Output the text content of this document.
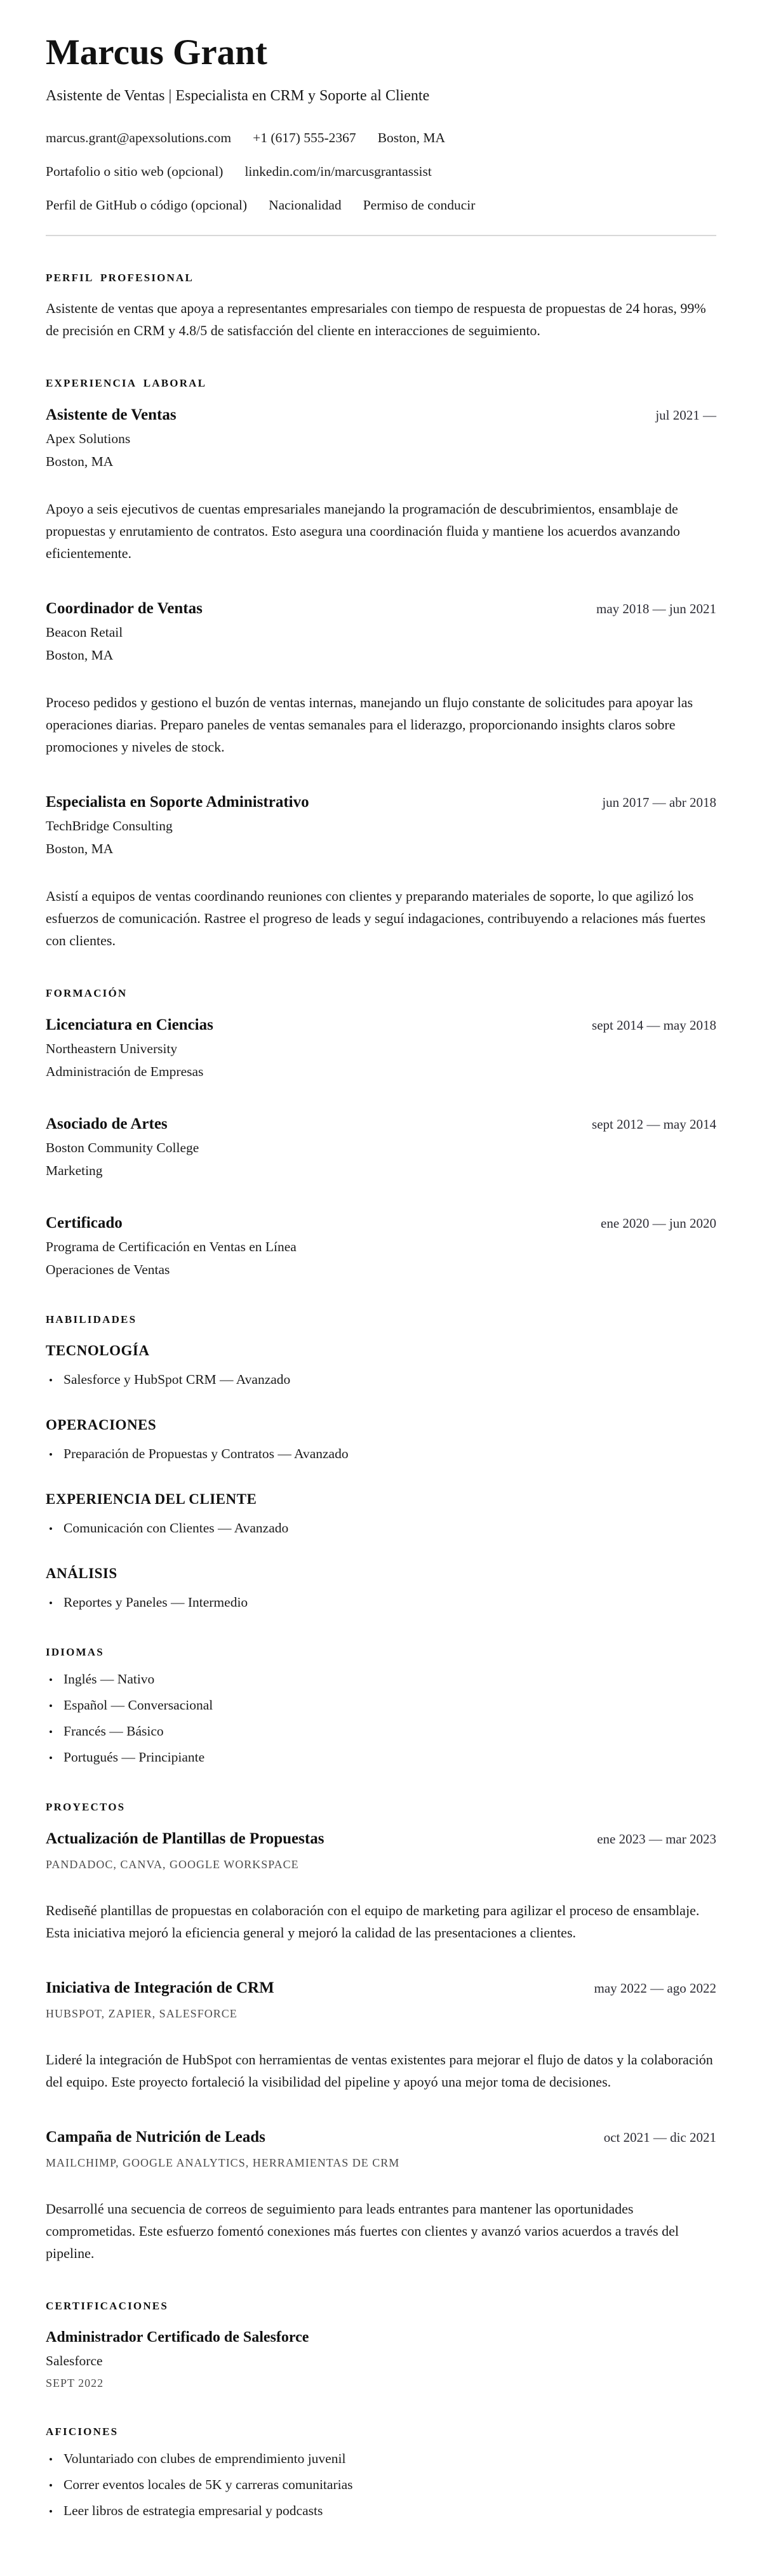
Marcus Grant
Asistente de Ventas | Especialista en CRM y Soporte al Cliente
marcus.grant@apexsolutions.com +1 (617) 555-2367 Boston, MA
Portafolio o sitio web (opcional) linkedin.com/in/marcusgrantassist
Perfil de GitHub o código (opcional) Nacionalidad Permiso de conducir
PERFIL PROFESIONAL

Asistente de ventas que apoya a representantes empresariales con tiempo de respuesta de propuestas de 24 horas, 99% de precisión en CRM y 4.8/5 de satisfacción del cliente en interacciones de seguimiento.

EXPERIENCIA LABORAL
Asistente de Ventas	jul 2021 —
Apex Solutions
Boston, MA

Apoyo a seis ejecutivos de cuentas empresariales manejando la programación de descubrimientos, ensamblaje de propuestas y enrutamiento de contratos. Esto asegura una coordinación fluida y mantiene los acuerdos avanzando eficientemente.

Coordinador de Ventas	may 2018 — jun 2021
Beacon Retail
Boston, MA

Proceso pedidos y gestiono el buzón de ventas internas, manejando un flujo constante de solicitudes para apoyar las operaciones diarias. Preparo paneles de ventas semanales para el liderazgo, proporcionando insights claros sobre promociones y niveles de stock.

Especialista en Soporte Administrativo	jun 2017 — abr 2018
TechBridge Consulting
Boston, MA

Asistí a equipos de ventas coordinando reuniones con clientes y preparando materiales de soporte, lo que agilizó los esfuerzos de comunicación. Rastree el progreso de leads y seguí indagaciones, contribuyendo a relaciones más fuertes con clientes.

FORMACIÓN
Licenciatura en Ciencias	sept 2014 — may 2018
Northeastern University
Administración de Empresas
Asociado de Artes	sept 2012 — may 2014
Boston Community College
Marketing
Certificado	ene 2020 — jun 2020
Programa de Certificación en Ventas en Línea
Operaciones de Ventas
HABILIDADES
TECNOLOGÍA
• Salesforce y HubSpot CRM — Avanzado
OPERACIONES
• Preparación de Propuestas y Contratos — Avanzado
EXPERIENCIA DEL CLIENTE
• Comunicación con Clientes — Avanzado
ANÁLISIS
• Reportes y Paneles — Intermedio
IDIOMAS
• Inglés — Nativo
• Español — Conversacional
• Francés — Básico
• Portugués — Principiante
PROYECTOS
Actualización de Plantillas de Propuestas	ene 2023 — mar 2023
PANDADOC, CANVA, GOOGLE WORKSPACE

Rediseñé plantillas de propuestas en colaboración con el equipo de marketing para agilizar el proceso de ensamblaje. Esta iniciativa mejoró la eficiencia general y mejoró la calidad de las presentaciones a clientes.

Iniciativa de Integración de CRM	may 2022 — ago 2022
HUBSPOT, ZAPIER, SALESFORCE

Lideré la integración de HubSpot con herramientas de ventas existentes para mejorar el flujo de datos y la colaboración del equipo. Este proyecto fortaleció la visibilidad del pipeline y apoyó una mejor toma de decisiones.

Campaña de Nutrición de Leads	oct 2021 — dic 2021
MAILCHIMP, GOOGLE ANALYTICS, HERRAMIENTAS DE CRM

Desarrollé una secuencia de correos de seguimiento para leads entrantes para mantener las oportunidades comprometidas. Este esfuerzo fomentó conexiones más fuertes con clientes y avanzó varios acuerdos a través del pipeline.

CERTIFICACIONES
Administrador Certificado de Salesforce
Salesforce
SEPT 2022
AFICIONES
• Voluntariado con clubes de emprendimiento juvenil
• Correr eventos locales de 5K y carreras comunitarias
• Leer libros de estrategia empresarial y podcasts
